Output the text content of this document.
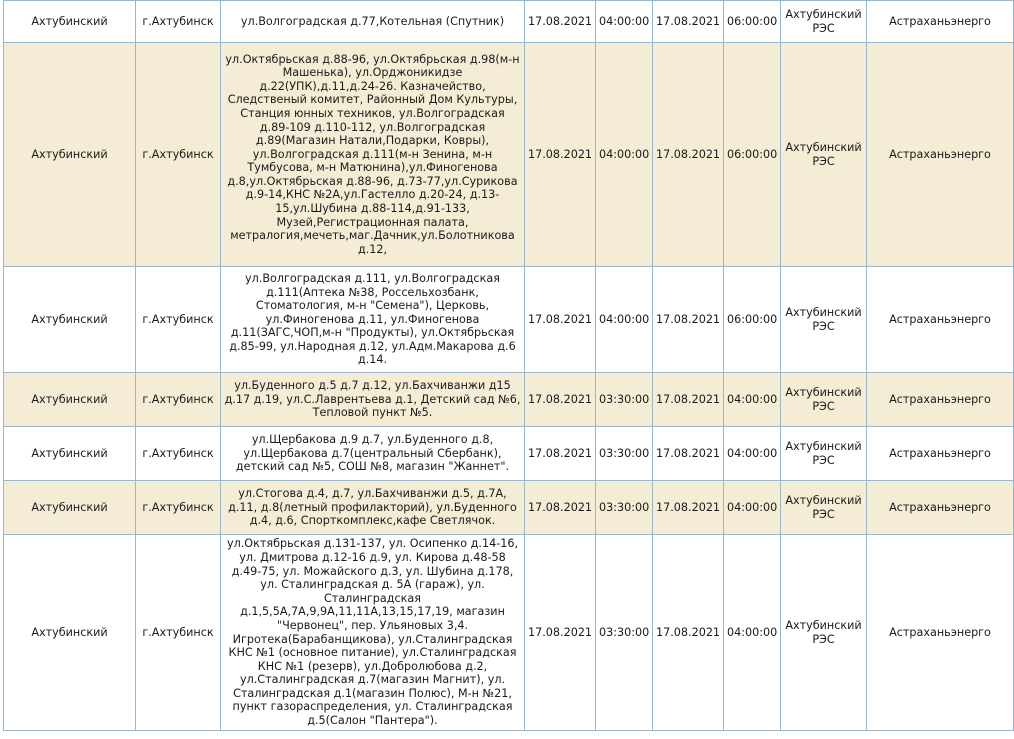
Ахтубинский	г.Ахтубинск	ул.Волгоградская д.77,Котельная (Спутник)	17.08.2021	04:00:00	17.08.2021	06:00:00	Ахтубинский РЭС	Астраханьэнерго
Ахтубинский	г.Ахтубинск	ул.Октябрьская д.88-96, ул.Октябрьская д.98(м-н Машенька), ул.Орджоникидзе д.22(УПК),д.11,д.24-26. Казначейство, Следственый комитет, Районный Дом Культуры, Станция юнных техников, ул.Волгоградская д.89-109 д.110-112, ул.Волгоградская д.89(Магазин Натали,Подарки, Ковры), ул.Волгоградская д.111(м-н Зенина, м-н Тумбусова, м-н Матюнина),ул.Финогенова д.8,ул.Октябрьская д.88-96, д.73-77,ул.Сурикова д.9-14,КНС №2А,ул.Гастелло д.20-24, д.13-15,ул.Шубина д.88-114,д.91-133, Музей,Регистрационная палата, метралогия,мечеть,маг.Дачник,ул.Болотникова д.12,	17.08.2021	04:00:00	17.08.2021	06:00:00	Ахтубинский РЭС	Астраханьэнерго
Ахтубинский	г.Ахтубинск	ул.Волгоградская д.111, ул.Волгоградская д.111(Аптека №38, Россельхозбанк, Стоматология, м-н "Семена"), Церковь, ул.Финогенова д.11, ул.Финогенова д.11(ЗАГС,ЧОП,м-н "Продукты), ул.Октябрьская д.85-99, ул.Народная д.12, ул.Адм.Макарова д.6 д.14.	17.08.2021	04:00:00	17.08.2021	06:00:00	Ахтубинский РЭС	Астраханьэнерго
Ахтубинский	г.Ахтубинск	ул.Буденного д.5 д.7 д.12, ул.Бахчиванжи д15 д.17 д.19, ул.С.Лаврентьева д.1, Детский сад №6, Тепловой пункт №5.	17.08.2021	03:30:00	17.08.2021	04:00:00	Ахтубинский РЭС	Астраханьэнерго
Ахтубинский	г.Ахтубинск	ул.Щербакова д.9 д.7, ул.Буденного д.8, ул.Щербакова д.7(центральный Сбербанк), детский сад №5, СОШ №8, магазин "Жаннет".	17.08.2021	03:30:00	17.08.2021	04:00:00	Ахтубинский РЭС	Астраханьэнерго
Ахтубинский	г.Ахтубинск	ул.Стогова д.4, д.7, ул.Бахчиванжи д.5, д.7А, д.11, д.8(летный профилакторий), ул.Буденного д.4, д.6, Спорткомплекс,кафе Светлячок.	17.08.2021	03:30:00	17.08.2021	04:00:00	Ахтубинский РЭС	Астраханьэнерго
Ахтубинский	г.Ахтубинск	ул.Октябрьская д.131-137, ул. Осипенко д.14-16, ул. Дмитрова д.12-16 д.9, ул. Кирова д.48-58 д.49-75, ул. Можайского д.3, ул. Шубина д.178, ул. Сталинградская д. 5А (гараж), ул. Сталинградская д.1,5,5А,7А,9,9А,11,11А,13,15,17,19, магазин "Червонец", пер. Ульяновых 3,4. Игротека(Барабанщикова), ул.Сталинградская КНС №1 (основное питание), ул.Сталинградская КНС №1 (резерв), ул.Добролюбова д.2, ул.Сталинградская д.7(магазин Магнит), ул. Сталинградская д.1(магазин Полюс), М-н №21, пункт газораспределения, ул. Сталинградская д.5(Салон "Пантера").	17.08.2021	03:30:00	17.08.2021	04:00:00	Ахтубинский РЭС	Астраханьэнерго
